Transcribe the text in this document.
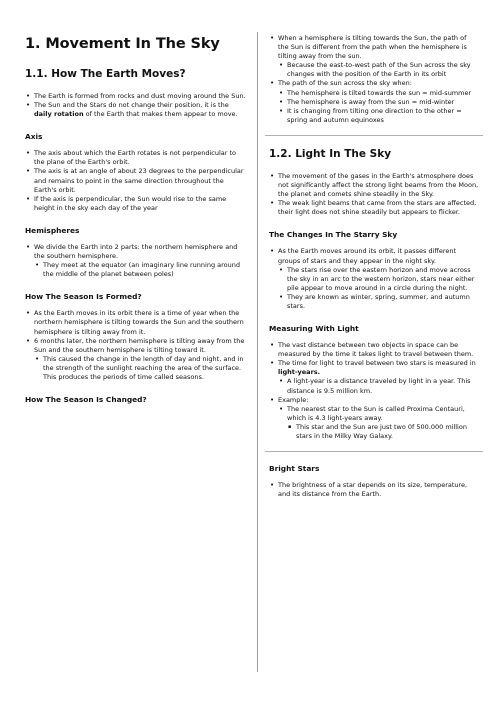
1. Movement In The Sky
1.1. How The Earth Moves?
• The Earth is formed from rocks and dust moving around the Sun.
• The Sun and the Stars do not change their position, it is the daily rotation of the Earth that makes them appear to move.
Axis
• The axis about which the Earth rotates is not perpendicular to the plane of the Earth's orbit.
• The axis is at an angle of about 23 degrees to the perpendicular and remains to point in the same direction throughout the Earth's orbit.
• If the axis is perpendicular, the Sun would rise to the same height in the sky each day of the year
Hemispheres
• We divide the Earth into 2 parts: the northern hemisphere and the southern hemisphere.
• They meet at the equator (an imaginary line running around the middle of the planet between poles)
How The Season Is Formed?
• As the Earth moves in its orbit there is a time of year when the northern hemisphere is tilting towards the Sun and the southern hemisphere is tilting away from it.
• 6 months later, the northern hemisphere is tilting away from the Sun and the southern hemisphere is tilting toward it.
• This caused the change in the length of day and night, and in the strength of the sunlight reaching the area of the surface. This produces the periods of time called seasons.
How The Season Is Changed?
• When a hemisphere is tilting towards the Sun, the path of the Sun is different from the path when the hemisphere is tilting away from the sun.
• Because the east-to-west path of the Sun across the sky changes with the position of the Earth in its orbit
• The path of the sun across the sky when:
• The hemisphere is tilted towards the sun = mid-summer
• The hemisphere is away from the sun = mid-winter
• It is changing from tilting one direction to the other = spring and autumn equinoxes
1.2. Light In The Sky
• The movement of the gases in the Earth's atmosphere does not significantly affect the strong light beams from the Moon, the planet and comets shine steadily in the Sky.
• The weak light beams that came from the stars are affected, their light does not shine steadily but appears to flicker.
The Changes In The Starry Sky
• As the Earth moves around its orbit, it passes different groups of stars and they appear in the night sky.
• The stars rise over the eastern horizon and move across the sky in an arc to the western horizon, stars near either pile appear to move around in a circle during the night.
• They are known as winter, spring, summer, and autumn stars.
Measuring With Light
• The vast distance between two objects in space can be measured by the time it takes light to travel between them.
• The time for light to travel between two stars is measured in light-years.
• A light-year is a distance traveled by light in a year. This distance is 9.5 million km.
• Example:
• The nearest star to the Sun is called Proxima Centauri, which is 4.3 light-years away.
▪ This star and the Sun are just two 0f 500.000 million stars in the Milky Way Galaxy.
Bright Stars
• The brightness of a star depends on its size, temperature, and its distance from the Earth.
